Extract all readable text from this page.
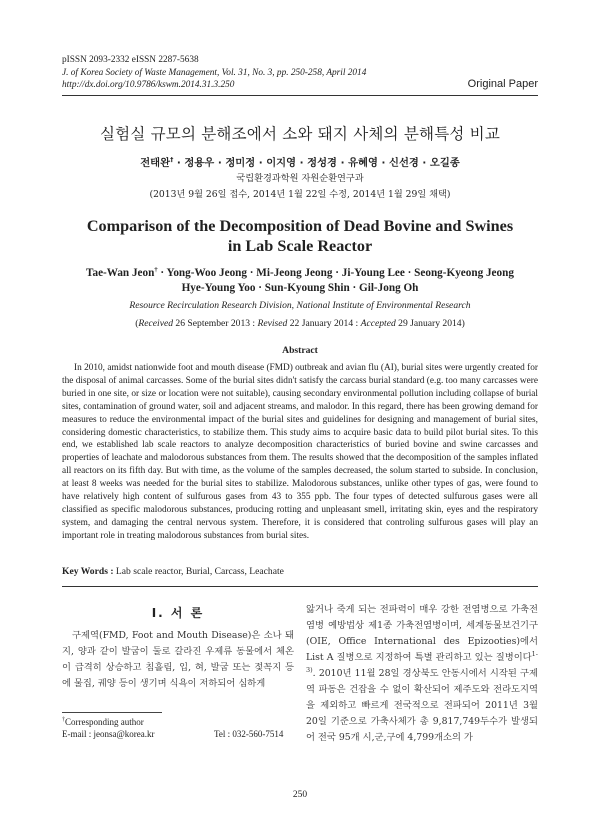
pISSN 2093-2332 eISSN 2287-5638
J. of Korea Society of Waste Management, Vol. 31, No. 3, pp. 250-258, April 2014
http://dx.doi.org/10.9786/kswm.2014.31.3.250	Original Paper
실험실 규모의 분해조에서 소와 돼지 사체의 분해특성 비교
전태완† · 정용우 · 정미정 · 이지영 · 정성경 · 유혜영 · 신선경 · 오길종
국립환경과학원 자원순환연구과
(2013년 9월 26일 접수, 2014년 1월 22일 수정, 2014년 1월 29일 채택)
Comparison of the Decomposition of Dead Bovine and Swines
in Lab Scale Reactor
Tae-Wan Jeon† · Yong-Woo Jeong · Mi-Jeong Jeong · Ji-Young Lee · Seong-Kyeong Jeong
Hye-Young Yoo · Sun-Kyoung Shin · Gil-Jong Oh
Resource Recirculation Research Division, National Institute of Environmental Research
(Received 26 September 2013 : Revised 22 January 2014 : Accepted 29 January 2014)
Abstract

In 2010, amidst nationwide foot and mouth disease (FMD) outbreak and avian flu (AI), burial sites were urgently created for the disposal of animal carcasses. Some of the burial sites didn't satisfy the carcass burial standard (e.g. too many carcasses were buried in one site, or size or location were not suitable), causing secondary environmental pollution including collapse of burial sites, contamination of ground water, soil and adjacent streams, and malodor. In this regard, there has been growing demand for measures to reduce the environmental impact of the burial sites and guidelines for designing and management of burial sites, considering domestic characteristics, to stabilize them. This study aims to acquire basic data to build pilot burial sites. To this end, we established lab scale reactors to analyze decomposition characteristics of buried bovine and swine carcasses and properties of leachate and malodorous substances from them. The results showed that the decomposition of the samples inflated all reactors on its fifth day. But with time, as the volume of the samples decreased, the solum started to subside. In conclusion, at least 8 weeks was needed for the burial sites to stabilize. Malodorous substances, unlike other types of gas, were found to have relatively high content of sulfurous gases from 43 to 355 ppb. The four types of detected sulfurous gases were all classified as specific malodorous substances, producing rotting and unpleasant smell, irritating skin, eyes and the respiratory system, and damaging the central nervous system. Therefore, it is considered that controling sulfurous gases will play an important role in treating malodorous substances from burial sites.

Key Words : Lab scale reactor, Burial, Carcass, Leachate
I. 서 론

구제역(FMD, Foot and Mouth Disease)은 소나 돼지, 양과 같이 발굽이 둘로 갈라진 우제류 동물에서 체온이 급격히 상승하고 침흘림, 입, 혀, 발굽 또는 젖꼭지 등에 물집, 궤양 등이 생기며 식욕이 저하되어 심하게

앓거나 죽게 되는 전파력이 매우 강한 전염병으로 가축전염병 예방법상 제1종 가축전염병이며, 세계동물보건기구(OIE, Office International des Epizooties)에서 List A 질병으로 지정하여 특별 관리하고 있는 질병이다$^{1-3)}$. 2010년 11월 28일 경상북도 안동시에서 시작된 구제역 파동은 건잡을 수 없이 확산되어 제주도와 전라도지역을 제외하고 빠르게 전국적으로 전파되어 2011년 3월 20일 기준으로 가축사체가 총 9,817,749두수가 발생되어 전국 95개 시,군,구에 4,799개소의 가

†Corresponding author
E-mail : jeonsa@korea.kr	Tel : 032-560-7514
250
